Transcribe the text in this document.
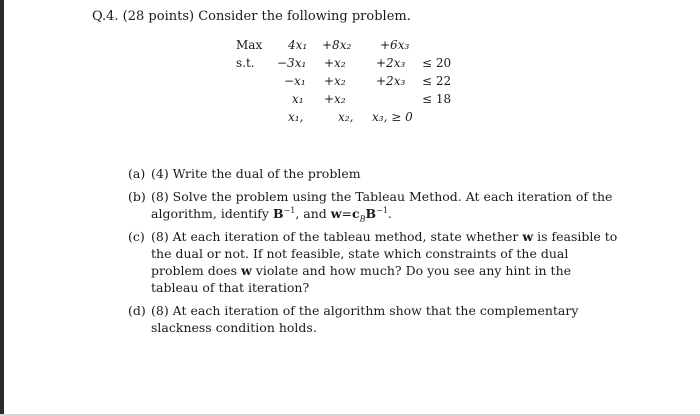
Q.4. (28 points) Consider the following problem.
Max 4x₁ +8x₂ +6x₃
s.t. −3x₁ +x₂	+2x₃ ≤ 20
−x₁ +x₂	+2x₃ ≤ 22
x₁ +x₂	≤ 18
x₁,	x₂, x₃, ≥ 0
(a) (4) Write the dual of the problem
(b) (8) Solve the problem using the Tableau Method. At each iteration of the algorithm, identify $B^{-1}$, and $w=c_BB^{-1}$.
(c) (8) At each iteration of the tableau method, state whether w is feasible to the dual or not. If not feasible, state which constraints of the dual problem does w violate and how much? Do you see any hint in the tableau of that iteration?
(d) (8) At each iteration of the algorithm show that the complementary slackness condition holds.
